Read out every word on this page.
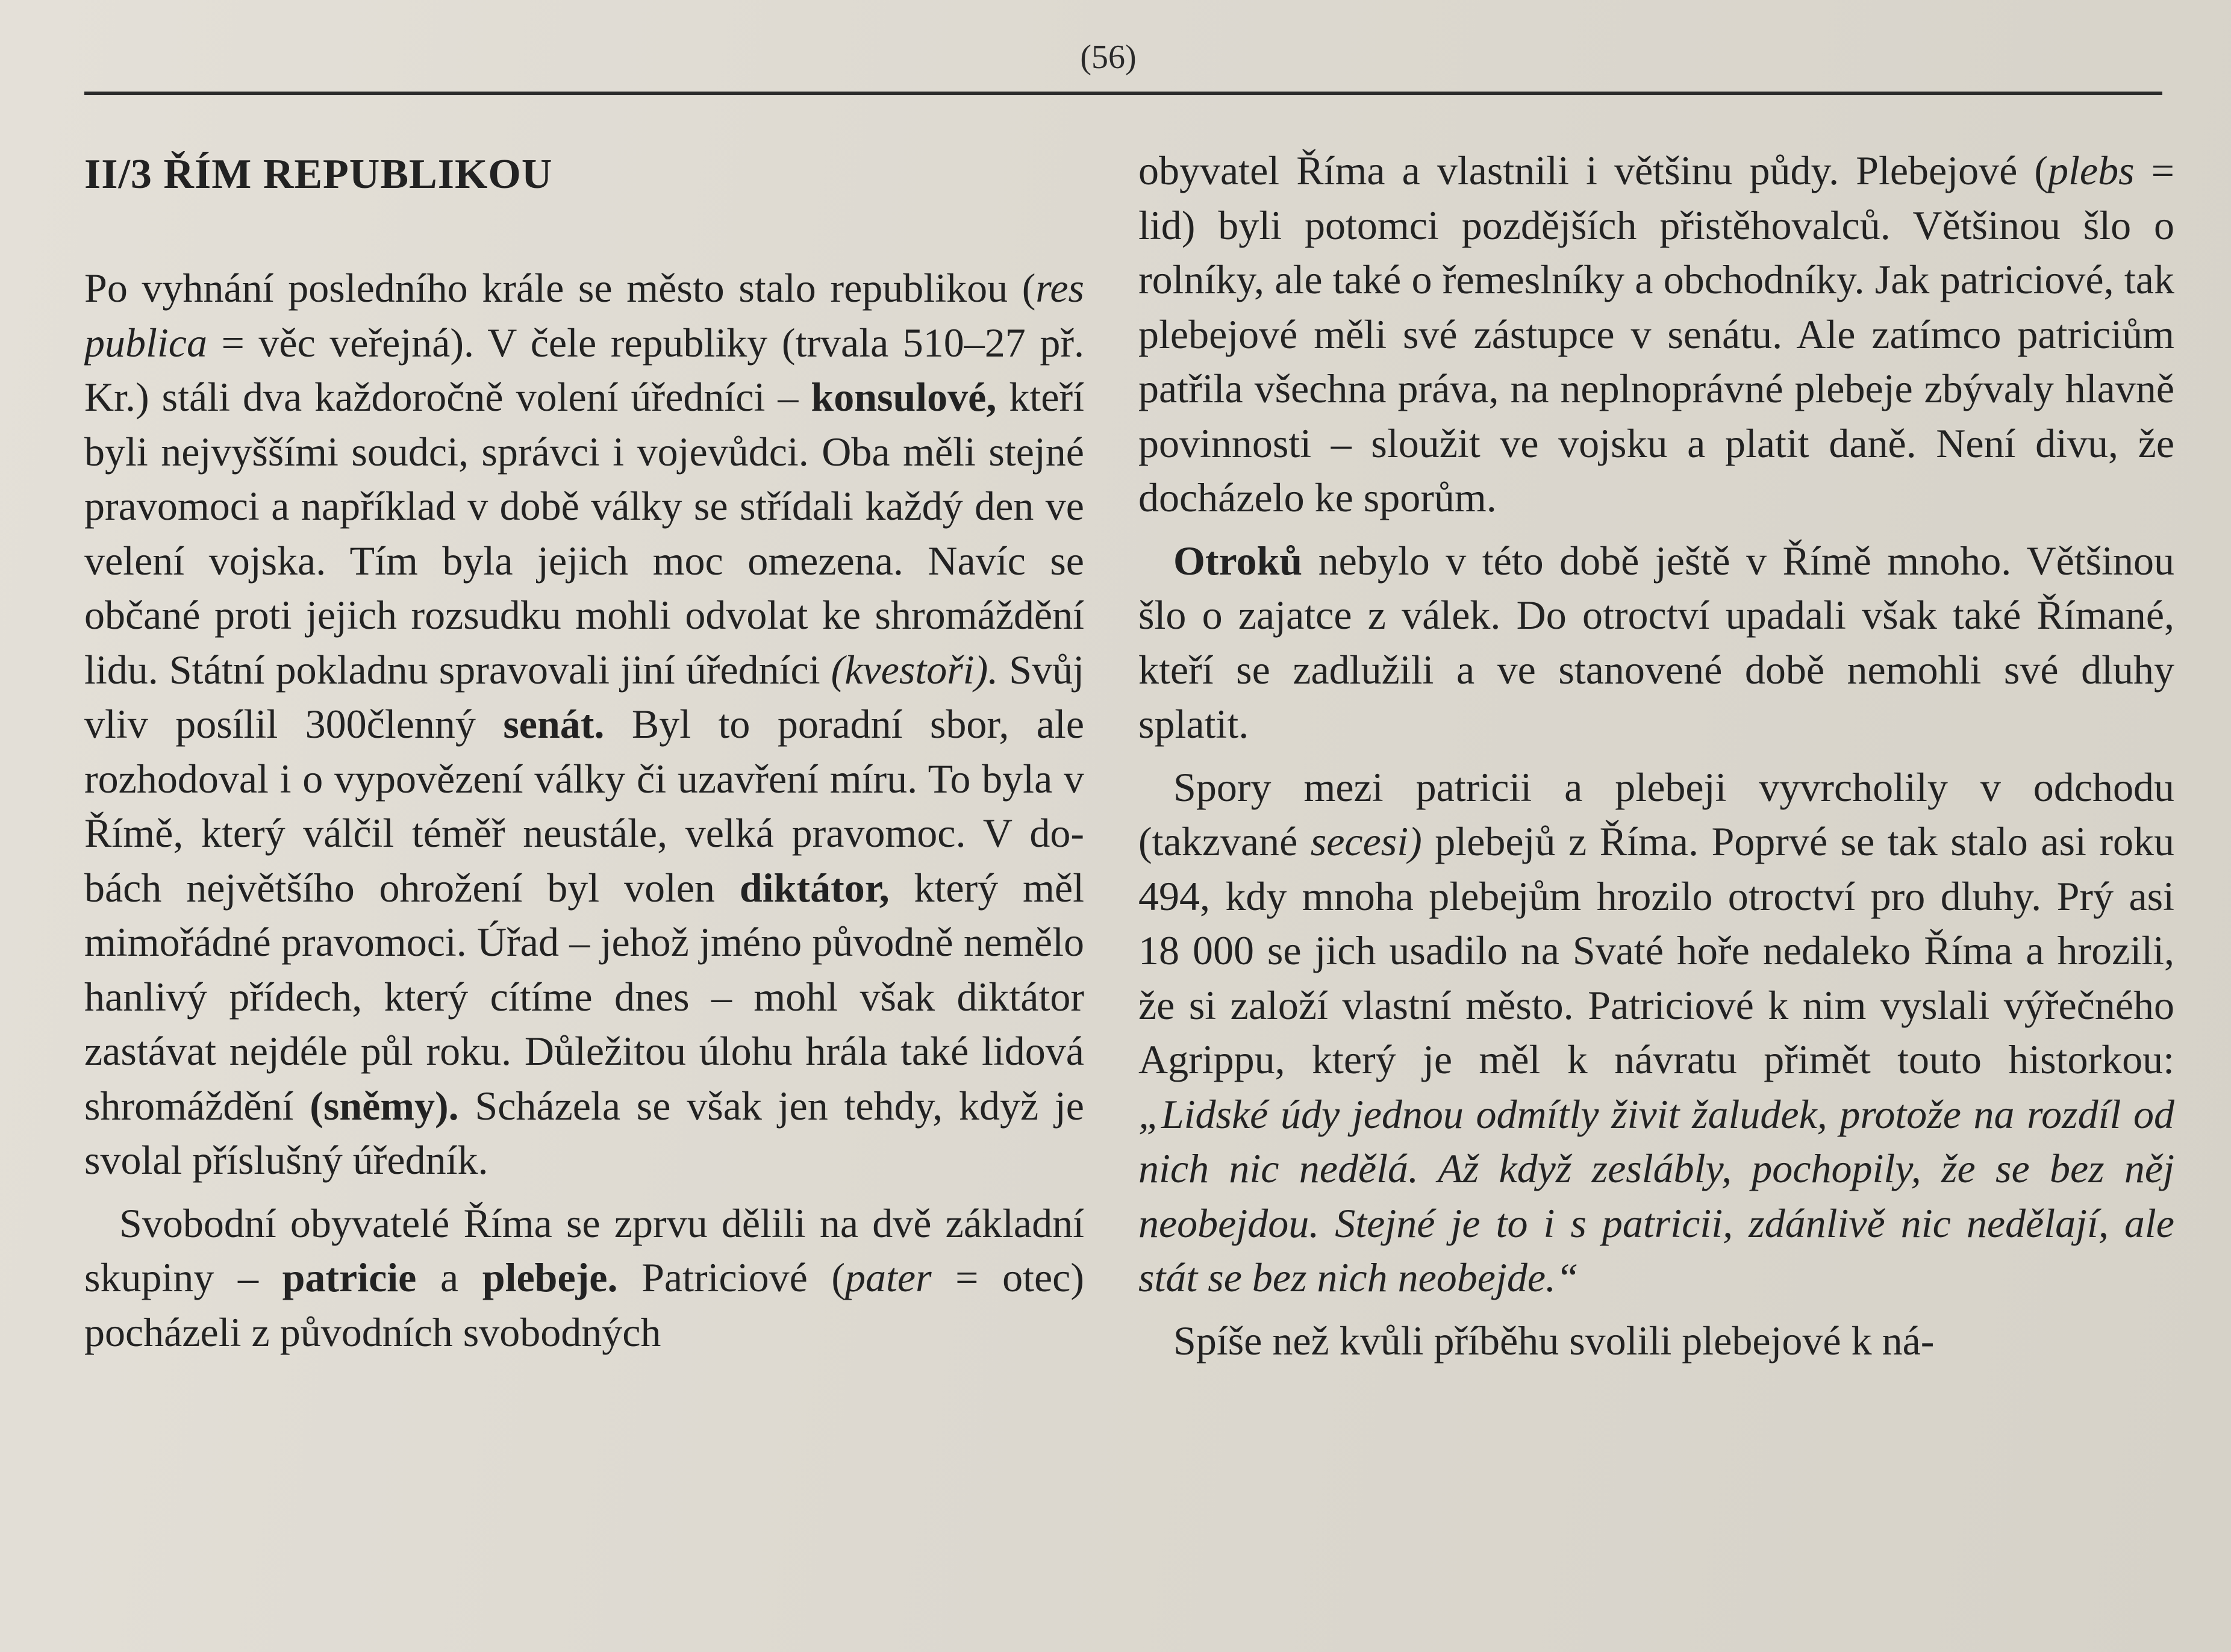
(56)
II/3 ŘÍM REPUBLIKOU

Po vyhnání posledního krále se město stalo republikou (res publica = věc veřejná). V čele republiky (trvala 510–27 př. Kr.) stáli dva každoročně volení úředníci – konsulové, kteří byli nejvyššími soudci, správci i vojevůdci. Oba měli stejné pravomoci a například v době války se střídali každý den ve velení vojska. Tím byla jejich moc omezena. Navíc se občané proti jejich rozsudku mohli odvolat ke shromáždění lidu. Státní pokladnu spravovali jiní úředníci (kvestoři). Svůj vliv posílil 300členný senát. Byl to poradní sbor, ale rozhodoval i o vypovězení války či uzavření míru. To byla v Římě, který válčil téměř neustále, velká pravomoc. V dobách největšího ohrožení byl volen diktátor, který měl mimořádné pravomoci. Úřad – jehož jméno původně nemělo hanlivý přídech, který cítíme dnes – mohl však diktátor zastávat nejdéle půl roku. Důležitou úlohu hrála také lidová shromáždění (sněmy). Scházela se však jen tehdy, když je svolal příslušný úředník.

Svobodní obyvatelé Říma se zprvu dělili na dvě základní skupiny – patricie a plebeje. Patriciové (pater = otec) pocházeli z původních svobodných

obyvatel Říma a vlastnili i většinu půdy. Plebejové (plebs = lid) byli potomci pozdějších přistěhovalců. Většinou šlo o rolníky, ale také o řemeslníky a obchodníky. Jak patriciové, tak plebejové měli své zástupce v senátu. Ale zatímco patriciům patřila všechna práva, na neplnoprávné plebeje zbývaly hlavně povinnosti – sloužit ve vojsku a platit daně. Není divu, že docházelo ke sporům.

Otroků nebylo v této době ještě v Římě mnoho. Většinou šlo o zajatce z válek. Do otroctví upadali však také Římané, kteří se zadlužili a ve stanovené době nemohli své dluhy splatit.

Spory mezi patricii a plebeji vyvrcholily v odchodu (takzvané secesi) plebejů z Říma. Poprvé se tak stalo asi roku 494, kdy mnoha plebejům hrozilo otroctví pro dluhy. Prý asi 18 000 se jich usadilo na Svaté hoře nedaleko Říma a hrozili, že si založí vlastní město. Patriciové k nim vyslali výřečného Agrippu, který je měl k návratu přimět touto historkou: „Lidské údy jednou odmítly živit žaludek, protože na rozdíl od nich nic nedělá. Až když zeslábly, pochopily, že se bez něj neobejdou. Stejné je to i s patricii, zdánlivě nic nedělají, ale stát se bez nich neobejde.“

Spíše než kvůli příběhu svolili plebejové k ná-
